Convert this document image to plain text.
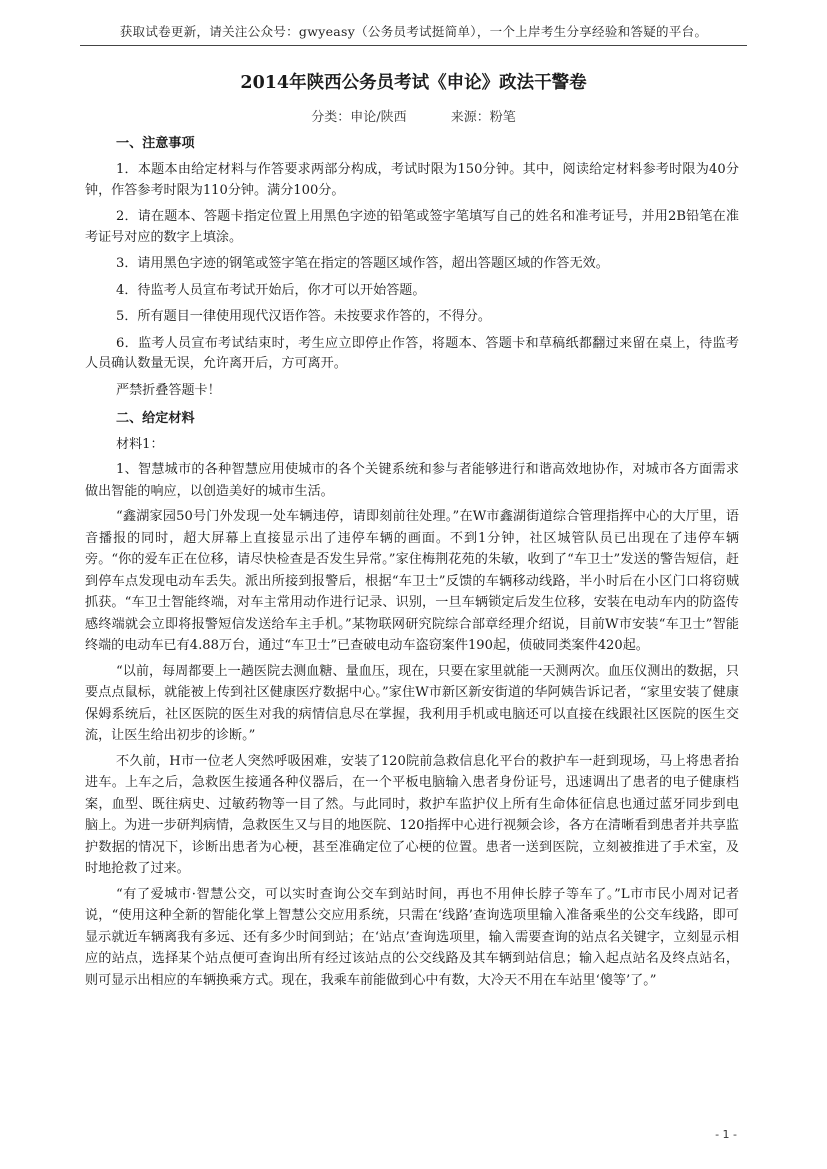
获取试卷更新，请关注公众号：gwyeasy（公务员考试挺简单），一个上岸考生分享经验和答疑的平台。
2014年陕西公务员考试《申论》政法干警卷
分类：申论/陕西	来源：粉笔
一、注意事项

1．本题本由给定材料与作答要求两部分构成，考试时限为150分钟。其中，阅读给定材料参考时限为40分钟，作答参考时限为110分钟。满分100分。

2．请在题本、答题卡指定位置上用黑色字迹的铅笔或签字笔填写自己的姓名和准考证号，并用2B铅笔在准考证号对应的数字上填涂。

3．请用黑色字迹的钢笔或签字笔在指定的答题区域作答，超出答题区域的作答无效。

4．待监考人员宣布考试开始后，你才可以开始答题。

5．所有题目一律使用现代汉语作答。未按要求作答的，不得分。

6．监考人员宣布考试结束时，考生应立即停止作答，将题本、答题卡和草稿纸都翻过来留在桌上，待监考人员确认数量无误，允许离开后，方可离开。

严禁折叠答题卡！

二、给定材料
材料1：

1、智慧城市的各种智慧应用使城市的各个关键系统和参与者能够进行和谐高效地协作，对城市各方面需求做出智能的响应，以创造美好的城市生活。

“鑫湖家园50号门外发现一处车辆违停，请即刻前往处理。”在W市鑫湖街道综合管理指挥中心的大厅里，语音播报的同时，超大屏幕上直接显示出了违停车辆的画面。不到1分钟，社区城管队员已出现在了违停车辆旁。“你的爱车正在位移，请尽快检查是否发生异常。”家住梅荆花苑的朱敏，收到了“车卫士”发送的警告短信，赶到停车点发现电动车丢失。派出所接到报警后，根据“车卫士”反馈的车辆移动线路，半小时后在小区门口将窃贼抓获。“车卫士智能终端，对车主常用动作进行记录、识别，一旦车辆锁定后发生位移，安装在电动车内的防盗传感终端就会立即将报警短信发送给车主手机。”某物联网研究院综合部章经理介绍说，目前W市安装“车卫士”智能终端的电动车已有4.88万台，通过“车卫士”已查破电动车盗窃案件190起，侦破同类案件420起。

“以前，每周都要上一趟医院去测血糖、量血压，现在，只要在家里就能一天测两次。血压仪测出的数据，只要点点鼠标，就能被上传到社区健康医疗数据中心。”家住W市新区新安街道的华阿姨告诉记者，“家里安装了健康保姆系统后，社区医院的医生对我的病情信息尽在掌握，我利用手机或电脑还可以直接在线跟社区医院的医生交流，让医生给出初步的诊断。”

不久前，H市一位老人突然呼吸困难，安装了120院前急救信息化平台的救护车一赶到现场，马上将患者抬进车。上车之后，急救医生接通各种仪器后，在一个平板电脑输入患者身份证号，迅速调出了患者的电子健康档案，血型、既往病史、过敏药物等一目了然。与此同时，救护车监护仪上所有生命体征信息也通过蓝牙同步到电脑上。为进一步研判病情，急救医生又与目的地医院、120指挥中心进行视频会诊，各方在清晰看到患者并共享监护数据的情况下，诊断出患者为心梗，甚至准确定位了心梗的位置。患者一送到医院，立刻被推进了手术室，及时地抢救了过来。

“有了爱城市·智慧公交，可以实时查询公交车到站时间，再也不用伸长脖子等车了。”L市市民小周对记者说，“使用这种全新的智能化掌上智慧公交应用系统，只需在‘线路’查询选项里输入准备乘坐的公交车线路，即可显示就近车辆离我有多远、还有多少时间到站；在‘站点’查询选项里，输入需要查询的站点名关键字，立刻显示相应的站点，选择某个站点便可查询出所有经过该站点的公交线路及其车辆到站信息；输入起点站名及终点站名，则可显示出相应的车辆换乘方式。现在，我乘车前能做到心中有数，大冷天不用在车站里‘傻等’了。”

- 1 -
